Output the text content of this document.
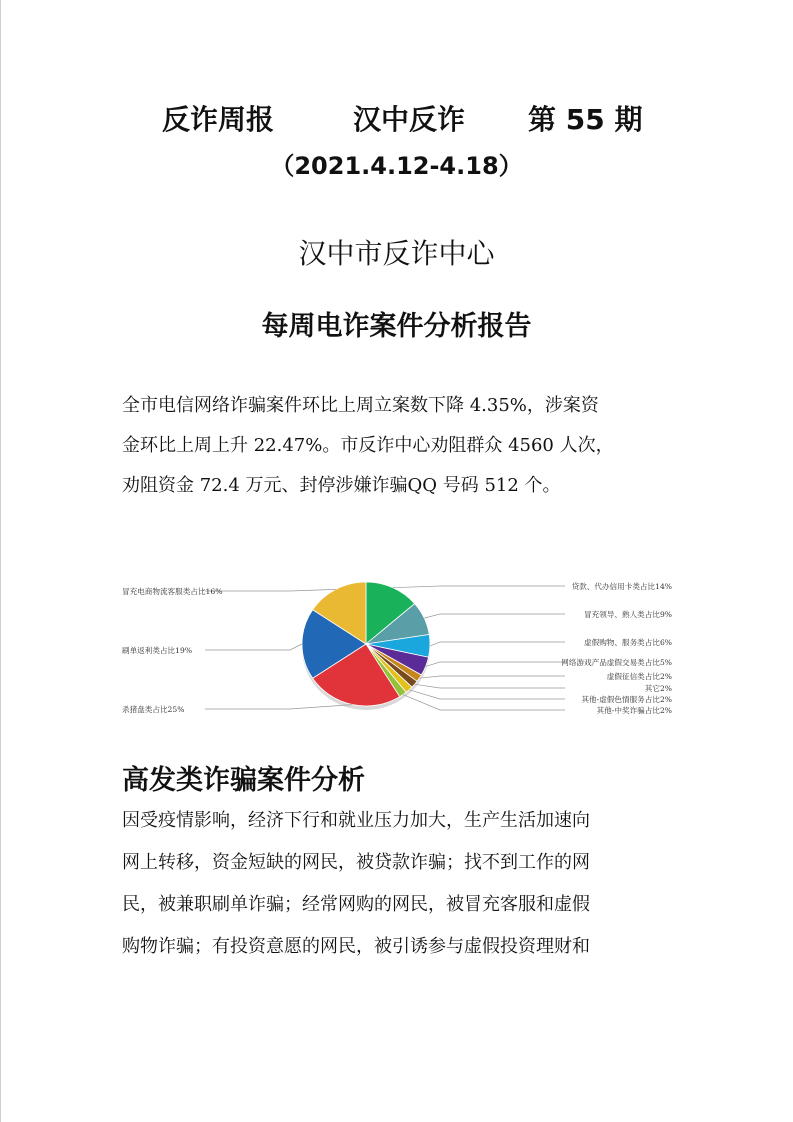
反诈周报	汉中反诈 第 55 期
（2021.4.12-4.18）
汉中市反诈中心
每周电诈案件分析报告

全市电信网络诈骗案件环比上周立案数下降 4.35%，涉案资

金环比上周上升 22.47%。市反诈中心劝阻群众 4560 人次，

劝阻资金 72.4 万元、封停涉嫌诈骗QQ 号码 512 个。

贷款、代办信用卡类占比14%
冒充领导、熟人类占比9%
虚假购物、服务类占比6%
网络游戏产品虚假交易类占比5%
虚假征信类占比2%
其它2%
其他-虚假色情服务占比2%
其他-中奖诈骗占比2%
杀猪盘类占比25%
刷单返利类占比19%
冒充电商物流客服类占比16%
高发类诈骗案件分析

因受疫情影响，经济下行和就业压力加大，生产生活加速向

网上转移，资金短缺的网民，被贷款诈骗；找不到工作的网

民，被兼职刷单诈骗；经常网购的网民，被冒充客服和虚假

购物诈骗；有投资意愿的网民，被引诱参与虚假投资理财和
